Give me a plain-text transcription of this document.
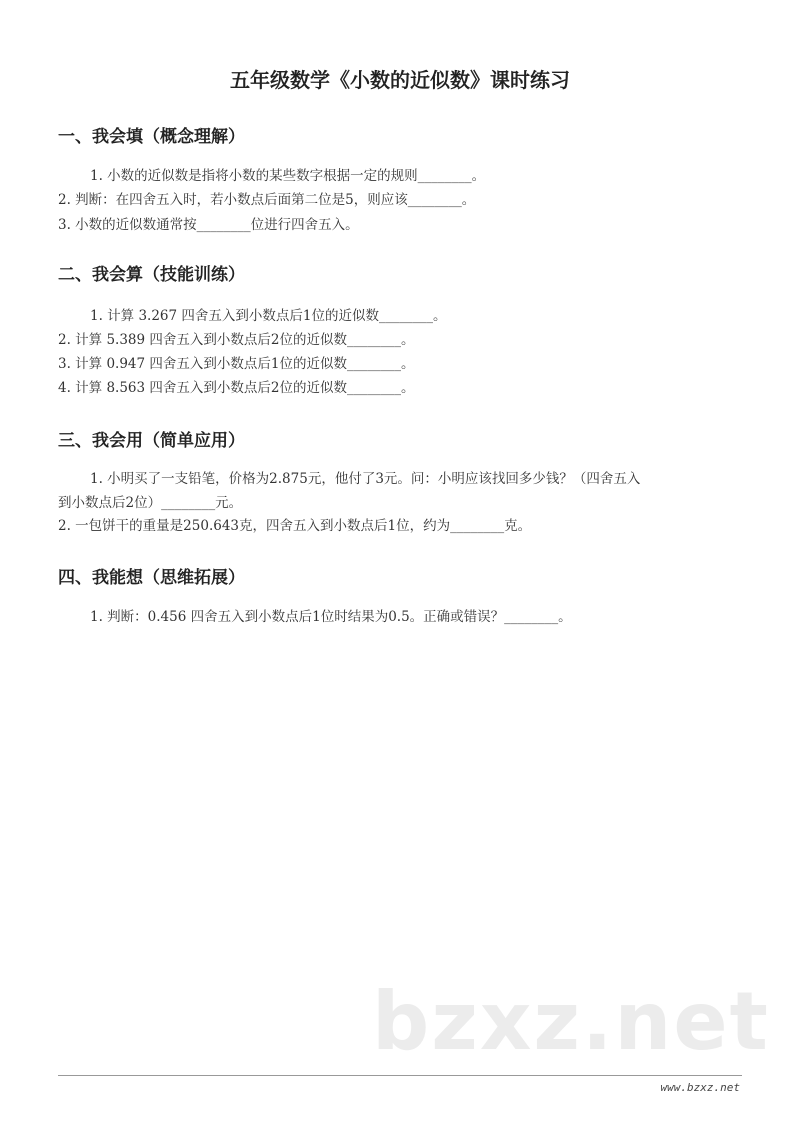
五年级数学《小数的近似数》课时练习
一、我会填（概念理解）
1. 小数的近似数是指将小数的某些数字根据一定的规则________。
2. 判断：在四舍五入时，若小数点后面第二位是5，则应该________。
3. 小数的近似数通常按________位进行四舍五入。
二、我会算（技能训练）
1. 计算 3.267 四舍五入到小数点后1位的近似数________。
2. 计算 5.389 四舍五入到小数点后2位的近似数________。
3. 计算 0.947 四舍五入到小数点后1位的近似数________。
4. 计算 8.563 四舍五入到小数点后2位的近似数________。
三、我会用（简单应用）
1. 小明买了一支铅笔，价格为2.875元，他付了3元。问：小明应该找回多少钱？（四舍五入
到小数点后2位）________元。
2. 一包饼干的重量是250.643克，四舍五入到小数点后1位，约为________克。
四、我能想（思维拓展）
1. 判断：0.456 四舍五入到小数点后1位时结果为0.5。正确或错误？________。
bzxz.net
www.bzxz.net
